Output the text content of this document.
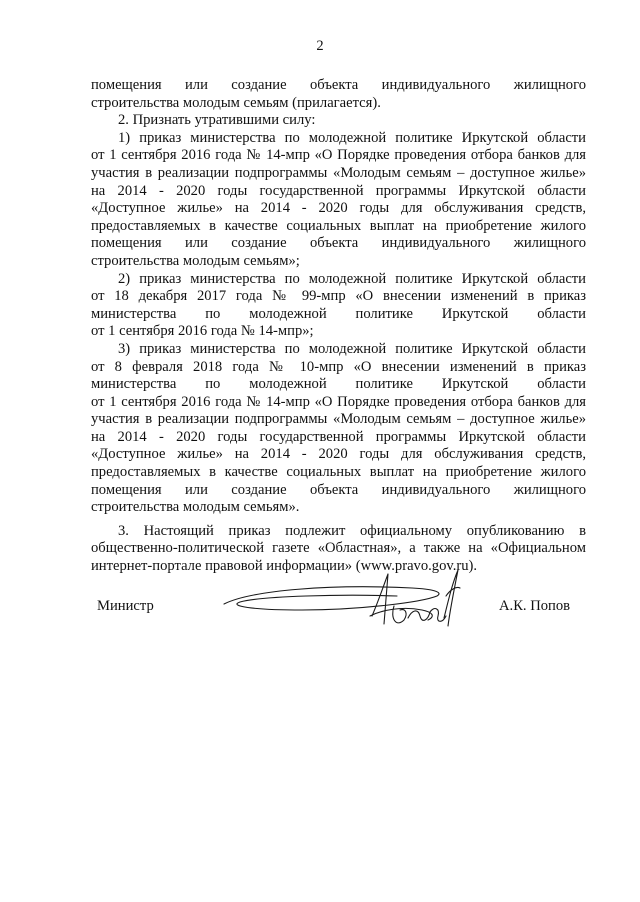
2

помещения или создание объекта индивидуального жилищного
строительства молодым семьям (прилагается).

2. Признать утратившими силу:

1) приказ министерства по молодежной политике Иркутской области
от 1 сентября 2016 года № 14-мпр «О Порядке проведения отбора банков для
участия в реализации подпрограммы «Молодым семьям – доступное жилье»
на 2014 - 2020 годы государственной программы Иркутской области
«Доступное жилье» на 2014 - 2020 годы для обслуживания средств,
предоставляемых в качестве социальных выплат на приобретение жилого
помещения или создание объекта индивидуального жилищного
строительства молодым семьям»;

2) приказ министерства по молодежной политике Иркутской области
от 18 декабря 2017 года № 99-мпр «О внесении изменений в приказ
министерства по молодежной политике Иркутской области
от 1 сентября 2016 года № 14-мпр»;

3) приказ министерства по молодежной политике Иркутской области
от 8 февраля 2018 года № 10-мпр «О внесении изменений в приказ
министерства по молодежной политике Иркутской области
от 1 сентября 2016 года № 14-мпр «О Порядке проведения отбора банков для
участия в реализации подпрограммы «Молодым семьям – доступное жилье»
на 2014 - 2020 годы государственной программы Иркутской области
«Доступное жилье» на 2014 - 2020 годы для обслуживания средств,
предоставляемых в качестве социальных выплат на приобретение жилого
помещения или создание объекта индивидуального жилищного
строительства молодым семьям».

3. Настоящий приказ подлежит официальному опубликованию в
общественно-политической газете «Областная», а также на «Официальном
интернет-портале правовой информации» (www.pravo.gov.ru).

Министр	А.К. Попов
